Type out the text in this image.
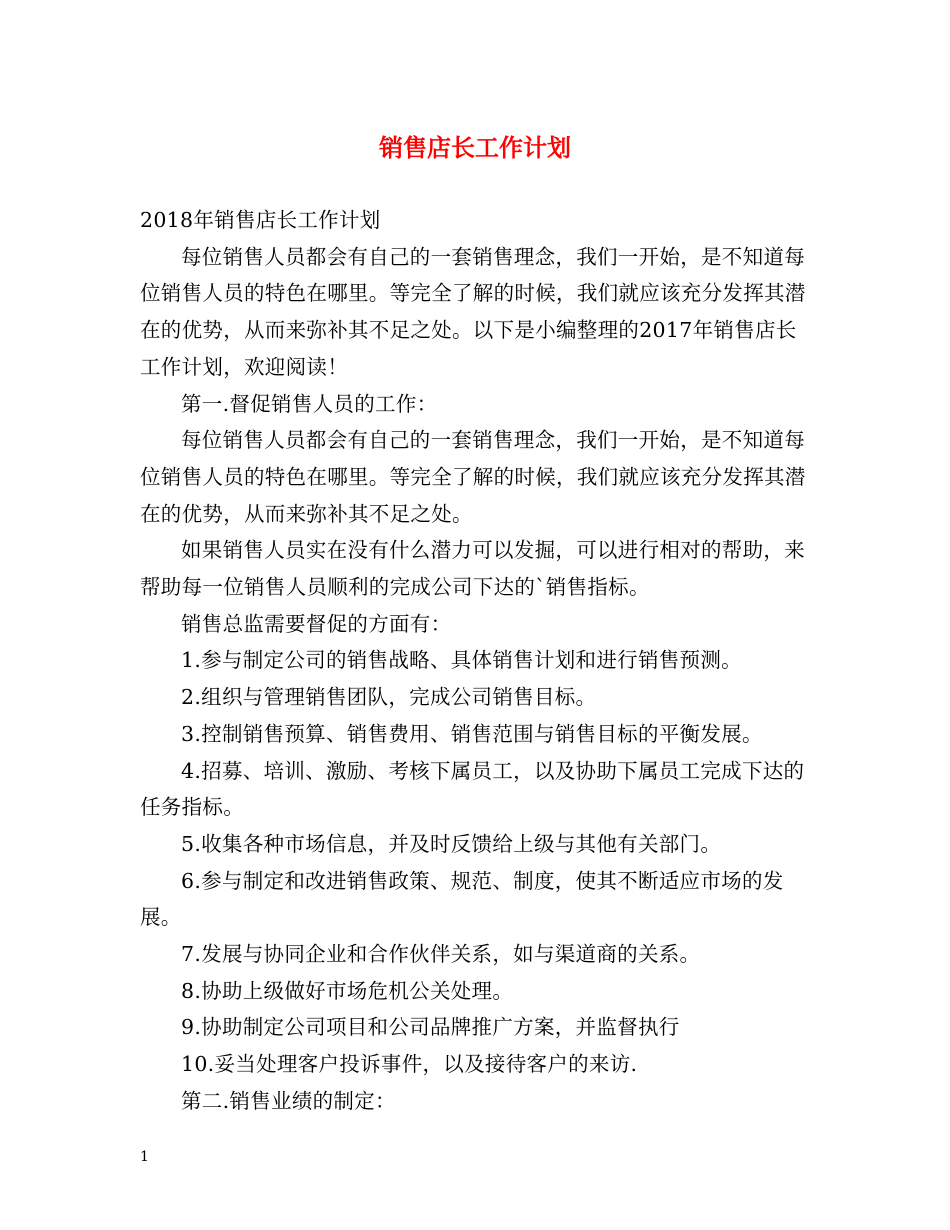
销售店长工作计划

2018年销售店长工作计划

每位销售人员都会有自己的一套销售理念，我们一开始，是不知道每位销售人员的特色在哪里。等完全了解的时候，我们就应该充分发挥其潜在的优势，从而来弥补其不足之处。以下是小编整理的2017年销售店长工作计划，欢迎阅读！

第一.督促销售人员的工作：

每位销售人员都会有自己的一套销售理念，我们一开始，是不知道每位销售人员的特色在哪里。等完全了解的时候，我们就应该充分发挥其潜在的优势，从而来弥补其不足之处。

如果销售人员实在没有什么潜力可以发掘，可以进行相对的帮助，来帮助每一位销售人员顺利的完成公司下达的`销售指标。

销售总监需要督促的方面有：

1.参与制定公司的销售战略、具体销售计划和进行销售预测。

2.组织与管理销售团队，完成公司销售目标。

3.控制销售预算、销售费用、销售范围与销售目标的平衡发展。

4.招募、培训、激励、考核下属员工，以及协助下属员工完成下达的任务指标。

5.收集各种市场信息，并及时反馈给上级与其他有关部门。

6.参与制定和改进销售政策、规范、制度，使其不断适应市场的发展。

7.发展与协同企业和合作伙伴关系，如与渠道商的关系。

8.协助上级做好市场危机公关处理。

9.协助制定公司项目和公司品牌推广方案，并监督执行

10.妥当处理客户投诉事件，以及接待客户的来访.

第二.销售业绩的制定：

1
